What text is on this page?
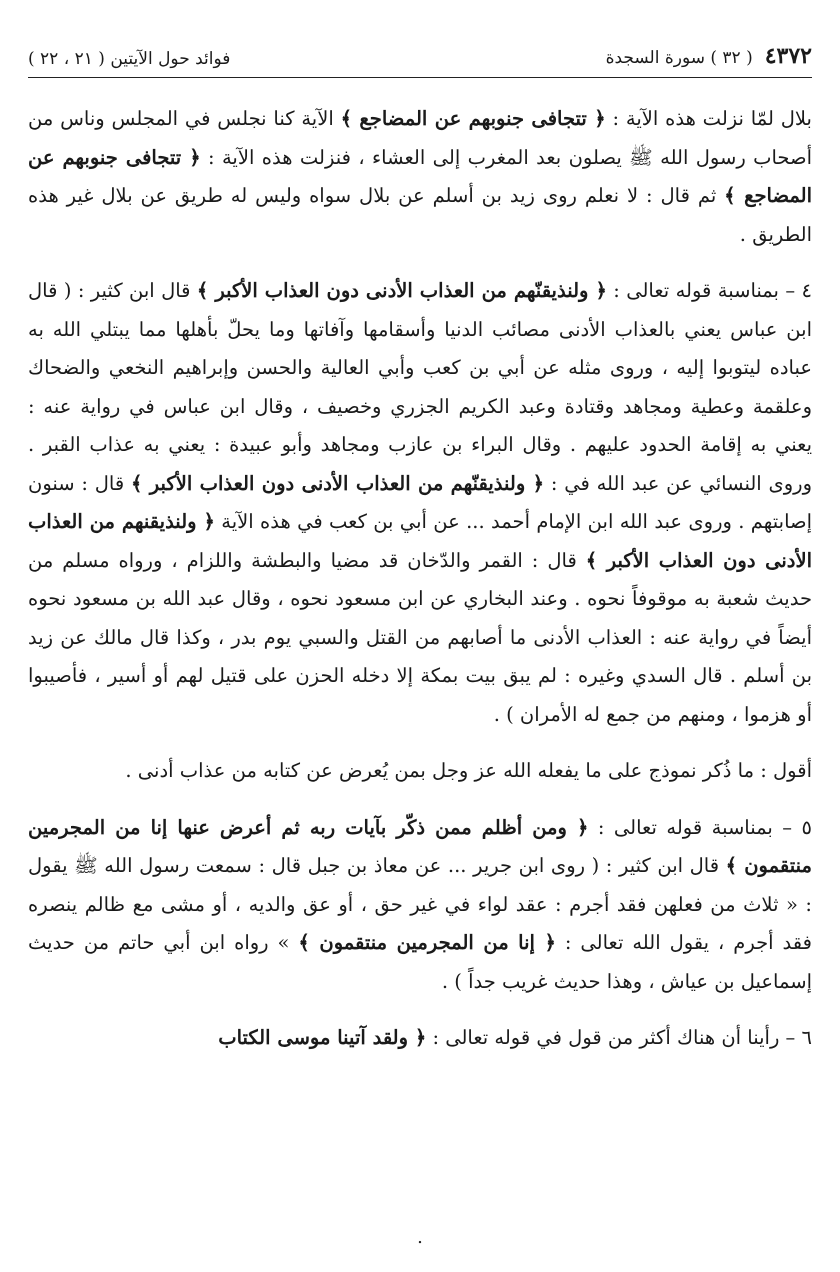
٤٣٧٢
( ٣٢ ) سورة السجدة
فوائد حول الآيتين ( ٢١ ، ٢٢ )

بلال لمّا نزلت هذه الآية : ﴿ تتجافى جنوبهم عن المضاجع ﴾ الآية كنا نجلس في المجلس وناس من أصحاب رسول الله ﷺ يصلون بعد المغرب إلى العشاء ، فنزلت هذه الآية : ﴿ تتجافى جنوبهم عن المضاجع ﴾ ثم قال : لا نعلم روى زيد بن أسلم عن بلال سواه وليس له طريق عن بلال غير هذه الطريق .

٤ – بمناسبة قوله تعالى : ﴿ ولنذيقنّهم من العذاب الأدنى دون العذاب الأكبر ﴾ قال ابن كثير : ( قال ابن عباس يعني بالعذاب الأدنى مصائب الدنيا وأسقامها وآفاتها وما يحلّ بأهلها مما يبتلي الله به عباده ليتوبوا إليه ، وروى مثله عن أبي بن كعب وأبي العالية والحسن وإبراهيم النخعي والضحاك وعلقمة وعطية ومجاهد وقتادة وعبد الكريم الجزري وخصيف ، وقال ابن عباس في رواية عنه : يعني به إقامة الحدود عليهم . وقال البراء بن عازب ومجاهد وأبو عبيدة : يعني به عذاب القبر . وروى النسائي عن عبد الله في : ﴿ ولنذيقنّهم من العذاب الأدنى دون العذاب الأكبر ﴾ قال : سنون إصابتهم . وروى عبد الله ابن الإمام أحمد ... عن أبي بن كعب في هذه الآية ﴿ ولنذيقنهم من العذاب الأدنى دون العذاب الأكبر ﴾ قال : القمر والدّخان قد مضيا والبطشة واللزام ، ورواه مسلم من حديث شعبة به موقوفاً نحوه . وعند البخاري عن ابن مسعود نحوه ، وقال عبد الله بن مسعود نحوه أيضاً في رواية عنه : العذاب الأدنى ما أصابهم من القتل والسبي يوم بدر ، وكذا قال مالك عن زيد بن أسلم . قال السدي وغيره : لم يبق بيت بمكة إلا دخله الحزن على قتيل لهم أو أسير ، فأصيبوا أو هزموا ، ومنهم من جمع له الأمران ) .

أقول : ما ذُكر نموذج على ما يفعله الله عز وجل بمن يُعرض عن كتابه من عذاب أدنى .

٥ – بمناسبة قوله تعالى : ﴿ ومن أظلم ممن ذكّر بآيات ربه ثم أعرض عنها إنا من المجرمين منتقمون ﴾ قال ابن كثير : ( روى ابن جرير ... عن معاذ بن جبل قال : سمعت رسول الله ﷺ يقول : « ثلاث من فعلهن فقد أجرم : عقد لواء في غير حق ، أو عق والديه ، أو مشى مع ظالم ينصره فقد أجرم ، يقول الله تعالى : ﴿ إنا من المجرمين منتقمون ﴾ » رواه ابن أبي حاتم من حديث إسماعيل بن عياش ، وهذا حديث غريب جداً ) .

٦ – رأينا أن هناك أكثر من قول في قوله تعالى : ﴿ ولقد آتينا موسى الكتاب

.
